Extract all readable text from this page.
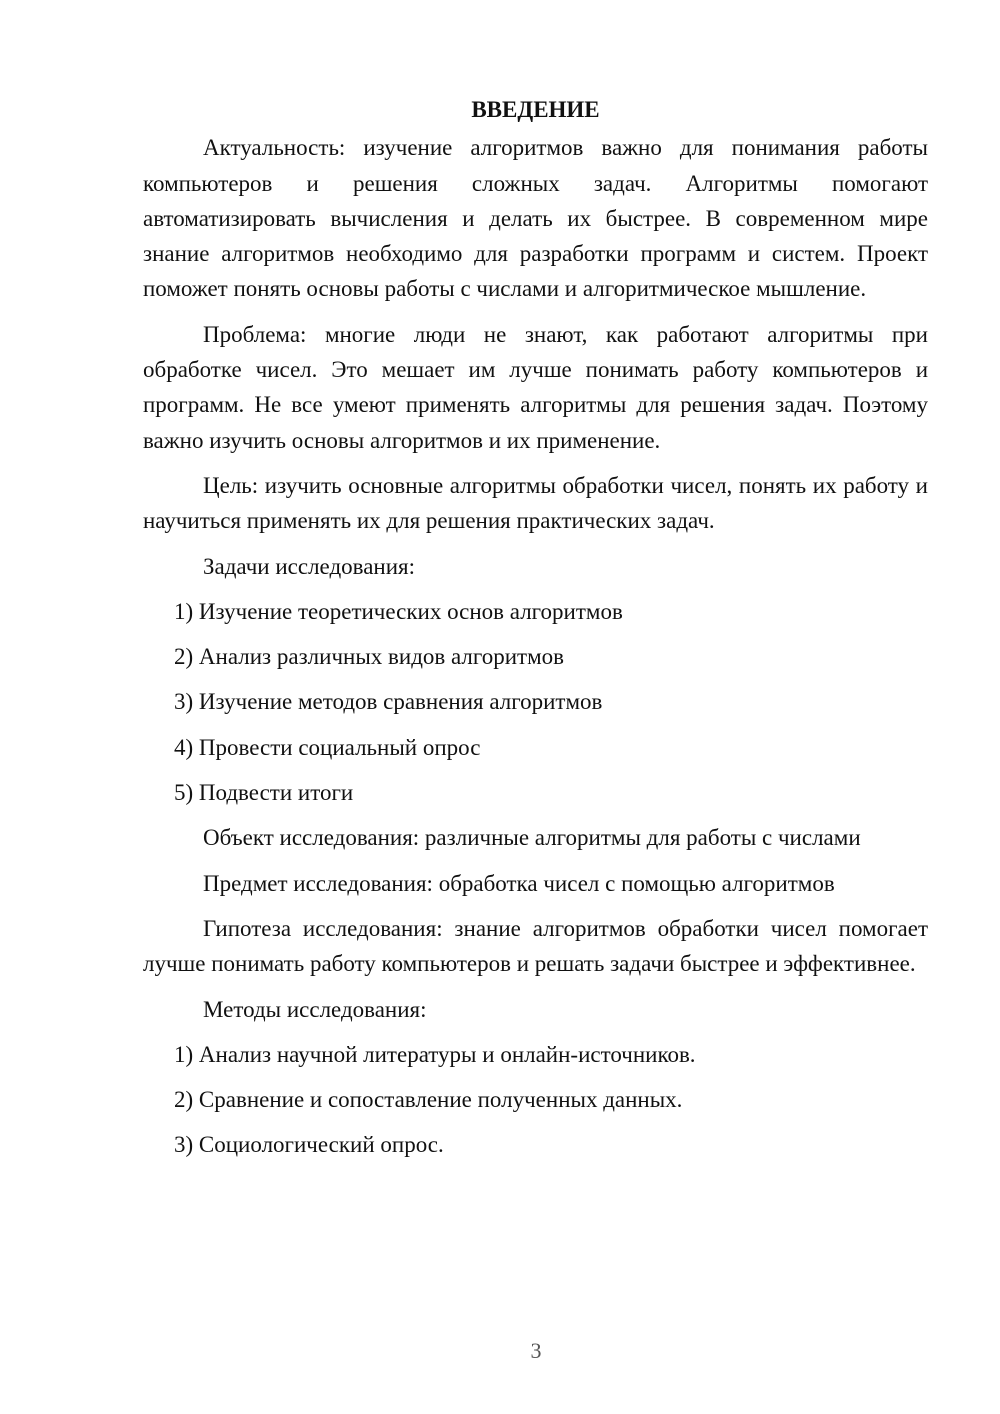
ВВЕДЕНИЕ

Актуальность: изучение алгоритмов важно для понимания работы компьютеров и решения сложных задач. Алгоритмы помогают автоматизировать вычисления и делать их быстрее. В современном мире знание алгоритмов необходимо для разработки программ и систем. Проект поможет понять основы работы с числами и алгоритмическое мышление.

Проблема: многие люди не знают, как работают алгоритмы при обработке чисел. Это мешает им лучше понимать работу компьютеров и программ. Не все умеют применять алгоритмы для решения задач. Поэтому важно изучить основы алгоритмов и их применение.

Цель: изучить основные алгоритмы обработки чисел, понять их работу и научиться применять их для решения практических задач.

Задачи исследования:
1) Изучение теоретических основ алгоритмов
2) Анализ различных видов алгоритмов
3) Изучение методов сравнения алгоритмов
4) Провести социальный опрос
5) Подвести итоги
Объект исследования: различные алгоритмы для работы с числами
Предмет исследования: обработка чисел с помощью алгоритмов

Гипотеза исследования: знание алгоритмов обработки чисел помогает лучше понимать работу компьютеров и решать задачи быстрее и эффективнее.

Методы исследования:
1) Анализ научной литературы и онлайн-источников.
2) Сравнение и сопоставление полученных данных.
3) Социологический опрос.
3
